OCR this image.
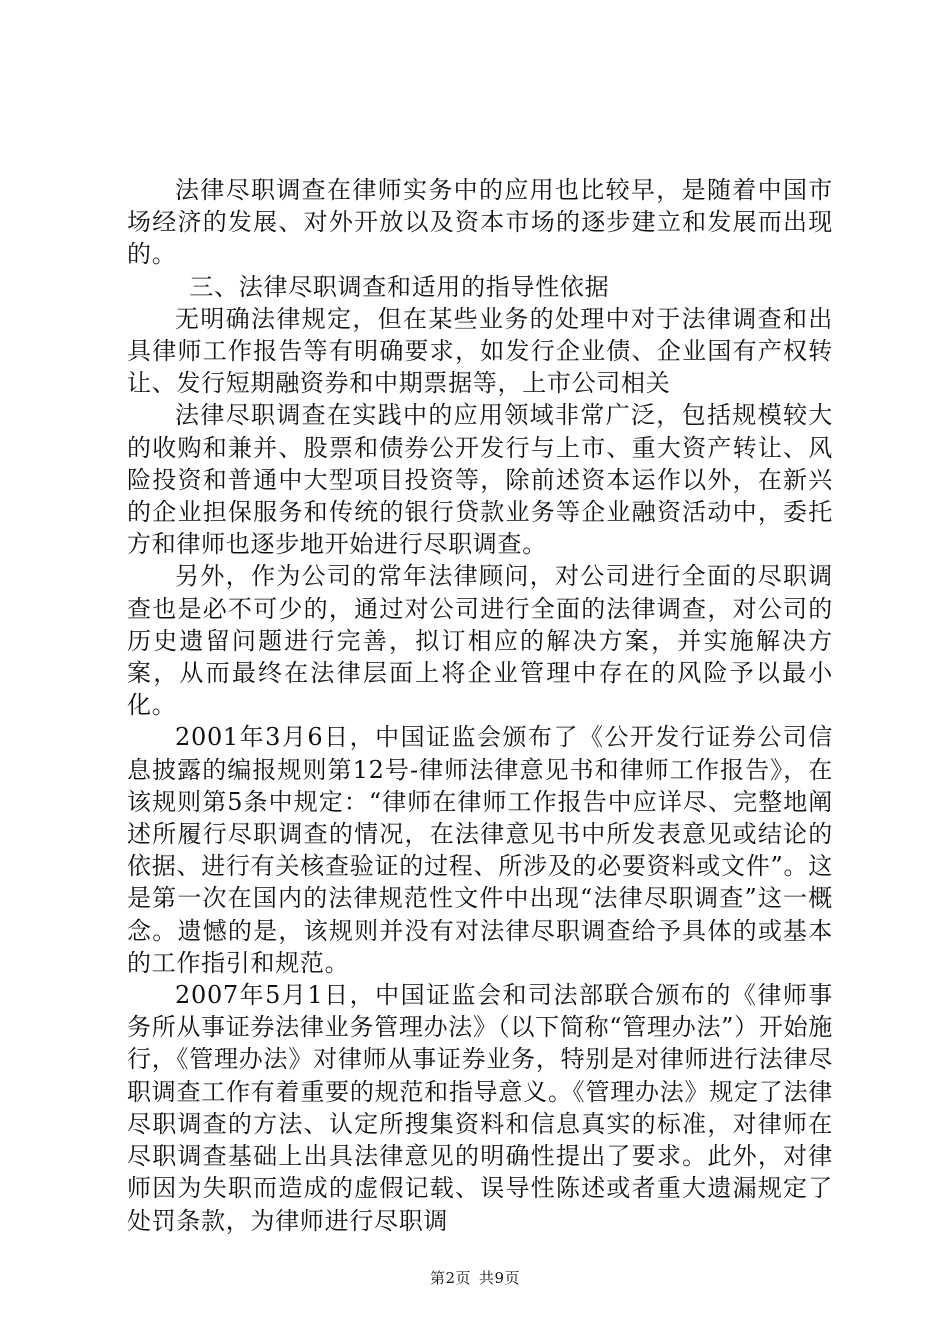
法律尽职调查在律师实务中的应用也比较早，是随着中国市场经济的发展、对外开放以及资本市场的逐步建立和发展而出现的。

三、法律尽职调查和适用的指导性依据

无明确法律规定，但在某些业务的处理中对于法律调查和出具律师工作报告等有明确要求，如发行企业债、企业国有产权转让、发行短期融资券和中期票据等，上市公司相关

法律尽职调查在实践中的应用领域非常广泛，包括规模较大的收购和兼并、股票和债券公开发行与上市、重大资产转让、风险投资和普通中大型项目投资等，除前述资本运作以外，在新兴的企业担保服务和传统的银行贷款业务等企业融资活动中，委托方和律师也逐步地开始进行尽职调查。

另外，作为公司的常年法律顾问，对公司进行全面的尽职调查也是必不可少的，通过对公司进行全面的法律调查，对公司的历史遗留问题进行完善，拟订相应的解决方案，并实施解决方案，从而最终在法律层面上将企业管理中存在的风险予以最小化。

2001年3月6日，中国证监会颁布了《公开发行证券公司信息披露的编报规则第12号-律师法律意见书和律师工作报告》，在该规则第5条中规定：“律师在律师工作报告中应详尽、完整地阐述所履行尽职调查的情况，在法律意见书中所发表意见或结论的依据、进行有关核查验证的过程、所涉及的必要资料或文件”。这是第一次在国内的法律规范性文件中出现“法律尽职调查”这一概念。遗憾的是，该规则并没有对法律尽职调查给予具体的或基本的工作指引和规范。

2007年5月1日，中国证监会和司法部联合颁布的《律师事务所从事证券法律业务管理办法》（以下简称“管理办法”）开始施行，《管理办法》对律师从事证券业务，特别是对律师进行法律尽职调查工作有着重要的规范和指导意义。《管理办法》规定了法律尽职调查的方法、认定所搜集资料和信息真实的标准，对律师在尽职调查基础上出具法律意见的明确性提出了要求。此外，对律师因为失职而造成的虚假记载、误导性陈述或者重大遗漏规定了处罚条款，为律师进行尽职调

第2页 共9页
